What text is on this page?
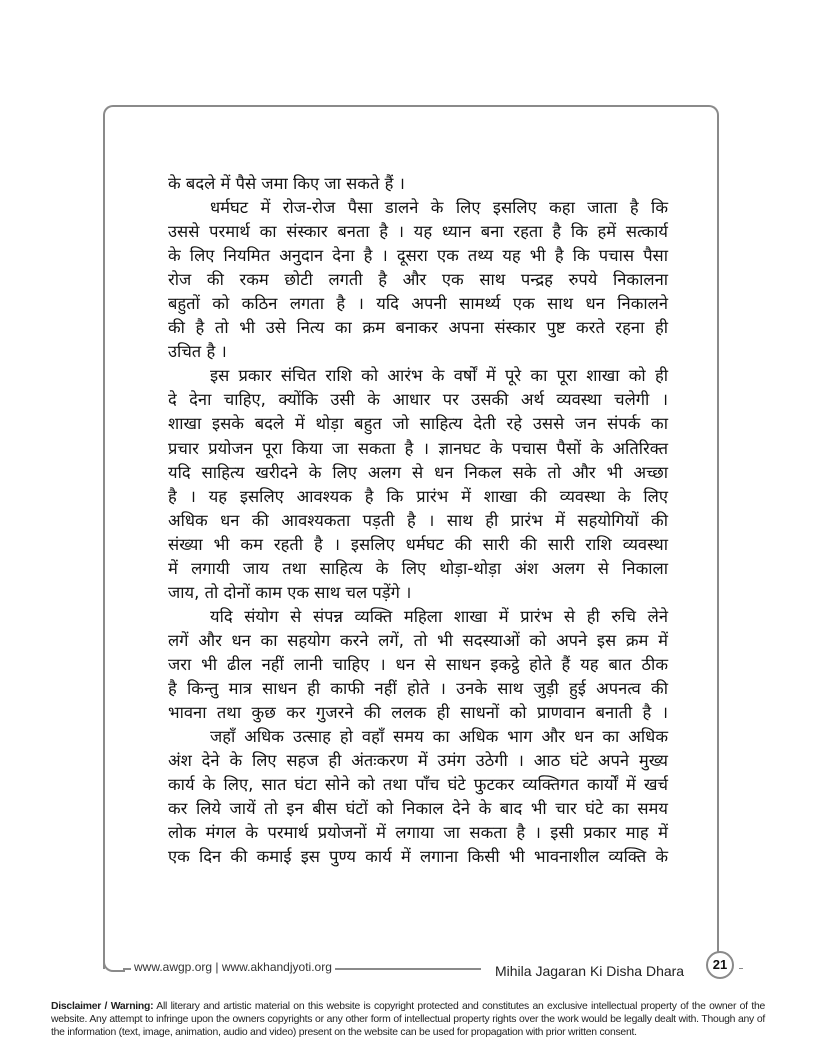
के बदले में पैसे जमा किए जा सकते हैं ।
धर्मघट में रोज-रोज पैसा डालने के लिए इसलिए कहा जाता है कि
उससे परमार्थ का संस्कार बनता है । यह ध्यान बना रहता है कि हमें सत्कार्य
के लिए नियमित अनुदान देना है । दूसरा एक तथ्य यह भी है कि पचास पैसा
रोज की रकम छोटी लगती है और एक साथ पन्द्रह रुपये निकालना
बहुतों को कठिन लगता है । यदि अपनी सामर्थ्य एक साथ धन निकालने
की है तो भी उसे नित्य का क्रम बनाकर अपना संस्कार पुष्ट करते रहना ही
उचित है ।
इस प्रकार संचित राशि को आरंभ के वर्षों में पूरे का पूरा शाखा को ही
दे देना चाहिए, क्योंकि उसी के आधार पर उसकी अर्थ व्यवस्था चलेगी ।
शाखा इसके बदले में थोड़ा बहुत जो साहित्य देती रहे उससे जन संपर्क का
प्रचार प्रयोजन पूरा किया जा सकता है । ज्ञानघट के पचास पैसों के अतिरिक्त
यदि साहित्य खरीदने के लिए अलग से धन निकल सके तो और भी अच्छा
है । यह इसलिए आवश्यक है कि प्रारंभ में शाखा की व्यवस्था के लिए
अधिक धन की आवश्यकता पड़ती है । साथ ही प्रारंभ में सहयोगियों की
संख्या भी कम रहती है । इसलिए धर्मघट की सारी की सारी राशि व्यवस्था
में लगायी जाय तथा साहित्य के लिए थोड़ा-थोड़ा अंश अलग से निकाला
जाय, तो दोनों काम एक साथ चल पड़ेंगे ।
यदि संयोग से संपन्न व्यक्ति महिला शाखा में प्रारंभ से ही रुचि लेने
लगें और धन का सहयोग करने लगें, तो भी सदस्याओं को अपने इस क्रम में
जरा भी ढील नहीं लानी चाहिए । धन से साधन इकट्ठे होते हैं यह बात ठीक
है किन्तु मात्र साधन ही काफी नहीं होते । उनके साथ जुड़ी हुई अपनत्व की
भावना तथा कुछ कर गुजरने की ललक ही साधनों को प्राणवान बनाती है ।
जहाँ अधिक उत्साह हो वहाँ समय का अधिक भाग और धन का अधिक
अंश देने के लिए सहज ही अंतःकरण में उमंग उठेगी । आठ घंटे अपने मुख्य
कार्य के लिए, सात घंटा सोने को तथा पाँच घंटे फुटकर व्यक्तिगत कार्यों में खर्च
कर लिये जायें तो इन बीस घंटों को निकाल देने के बाद भी चार घंटे का समय
लोक मंगल के परमार्थ प्रयोजनों में लगाया जा सकता है । इसी प्रकार माह में
एक दिन की कमाई इस पुण्य कार्य में लगाना किसी भी भावनाशील व्यक्ति के
www.awgp.org | www.akhandjyoti.org	Mihila Jagaran Ki Disha Dhara	21
Disclaimer / Warning: All literary and artistic material on this website is copyright protected and constitutes an exclusive intellectual property of the owner of the website. Any attempt to infringe upon the owners copyrights or any other form of intellectual property rights over the work would be legally dealt with. Though any of the information (text, image, animation, audio and video) present on the website can be used for propagation with prior written consent.
